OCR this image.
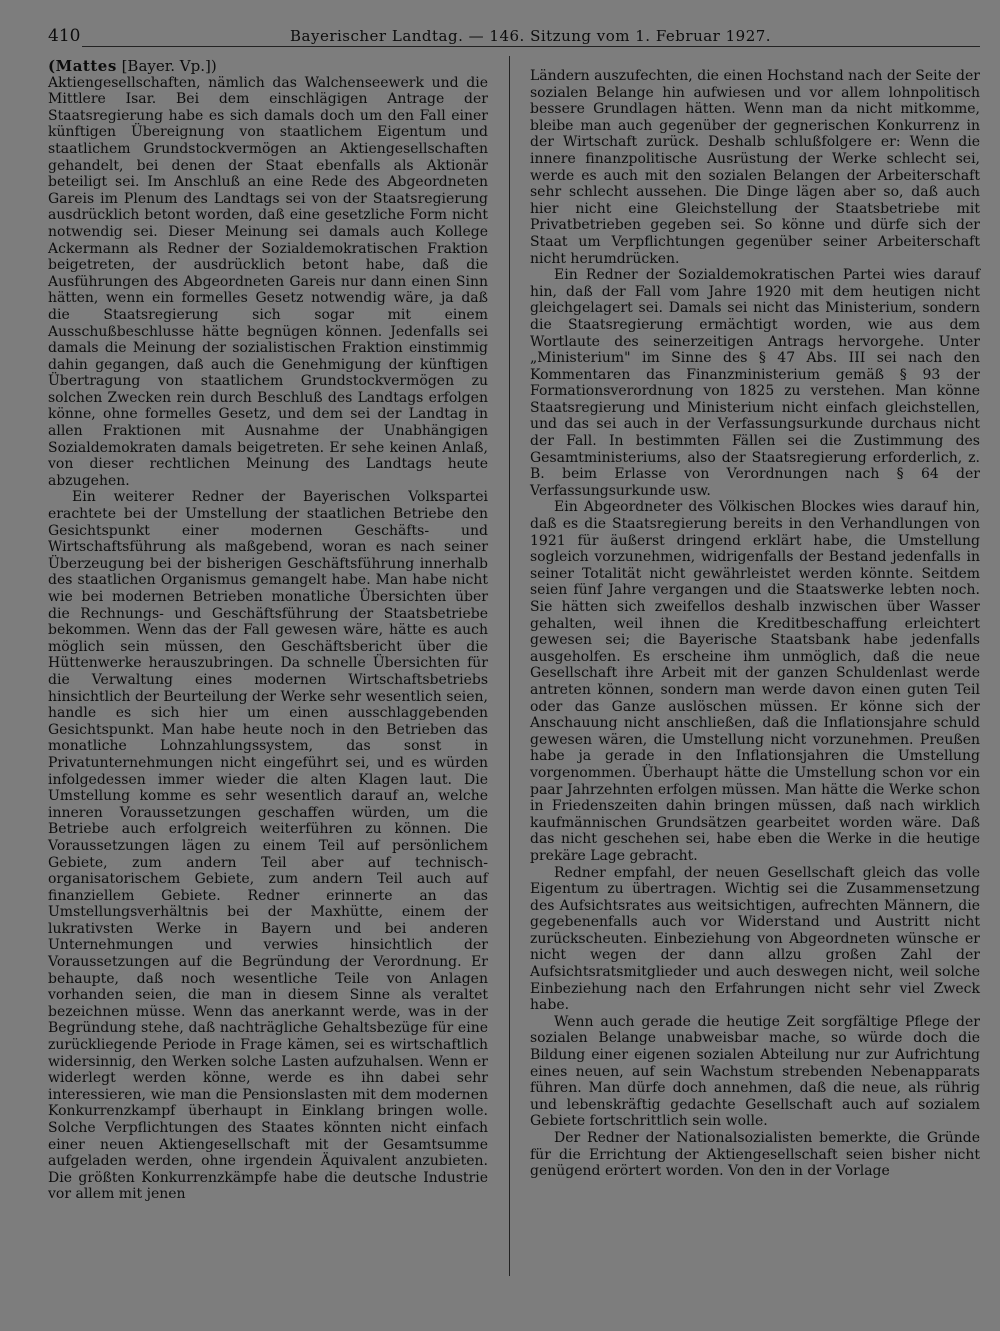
410	Bayerischer Landtag. — 146. Sitzung vom 1. Februar 1927.

(Mattes [Bayer. Vp.])

Aktiengesellschaften, nämlich das Walchenseewerk und die Mittlere Isar. Bei dem einschlägigen Antrage der Staatsregierung habe es sich damals doch um den Fall einer künftigen Übereignung von staatlichem Eigentum und staatlichem Grundstockvermögen an Aktiengesellschaften gehandelt, bei denen der Staat ebenfalls als Aktionär beteiligt sei. Im Anschluß an eine Rede des Abgeordneten Gareis im Plenum des Landtags sei von der Staatsregierung ausdrücklich betont worden, daß eine gesetzliche Form nicht notwendig sei. Dieser Meinung sei damals auch Kollege Ackermann als Redner der Sozialdemokratischen Fraktion beigetreten, der ausdrücklich betont habe, daß die Ausführungen des Abgeordneten Gareis nur dann einen Sinn hätten, wenn ein formelles Gesetz notwendig wäre, ja daß die Staatsregierung sich sogar mit einem Ausschußbeschlusse hätte begnügen können. Jedenfalls sei damals die Meinung der sozialistischen Fraktion einstimmig dahin gegangen, daß auch die Genehmigung der künftigen Übertragung von staatlichem Grundstockvermögen zu solchen Zwecken rein durch Beschluß des Landtags erfolgen könne, ohne formelles Gesetz, und dem sei der Landtag in allen Fraktionen mit Ausnahme der Unabhängigen Sozialdemokraten damals beigetreten. Er sehe keinen Anlaß, von dieser rechtlichen Meinung des Landtags heute abzugehen.

Ein weiterer Redner der Bayerischen Volkspartei erachtete bei der Umstellung der staatlichen Betriebe den Gesichtspunkt einer modernen Geschäfts- und Wirtschaftsführung als maßgebend, woran es nach seiner Überzeugung bei der bisherigen Geschäftsführung innerhalb des staatlichen Organismus gemangelt habe. Man habe nicht wie bei modernen Betrieben monatliche Übersichten über die Rechnungs- und Geschäftsführung der Staatsbetriebe bekommen. Wenn das der Fall gewesen wäre, hätte es auch möglich sein müssen, den Geschäftsbericht über die Hüttenwerke herauszubringen. Da schnelle Übersichten für die Verwaltung eines modernen Wirtschaftsbetriebs hinsichtlich der Beurteilung der Werke sehr wesentlich seien, handle es sich hier um einen ausschlaggebenden Gesichtspunkt. Man habe heute noch in den Betrieben das monatliche Lohnzahlungssystem, das sonst in Privatunternehmungen nicht eingeführt sei, und es würden infolgedessen immer wieder die alten Klagen laut. Die Umstellung komme es sehr wesentlich darauf an, welche inneren Voraussetzungen geschaffen würden, um die Betriebe auch erfolgreich weiterführen zu können. Die Voraussetzungen lägen zu einem Teil auf persönlichem Gebiete, zum andern Teil aber auf technisch-organisatorischem Gebiete, zum andern Teil auch auf finanziellem Gebiete. Redner erinnerte an das Umstellungsverhältnis bei der Maxhütte, einem der lukrativsten Werke in Bayern und bei anderen Unternehmungen und verwies hinsichtlich der Voraussetzungen auf die Begründung der Verordnung. Er behaupte, daß noch wesentliche Teile von Anlagen vorhanden seien, die man in diesem Sinne als veraltet bezeichnen müsse. Wenn das anerkannt werde, was in der Begründung stehe, daß nachträgliche Gehaltsbezüge für eine zurückliegende Periode in Frage kämen, sei es wirtschaftlich widersinnig, den Werken solche Lasten aufzuhalsen. Wenn er widerlegt werden könne, werde es ihn dabei sehr interessieren, wie man die Pensionslasten mit dem modernen Konkurrenzkampf überhaupt in Einklang bringen wolle. Solche Verpflichtungen des Staates könnten nicht einfach einer neuen Aktiengesellschaft mit der Gesamtsumme aufgeladen werden, ohne irgendein Äquivalent anzubieten. Die größten Konkurrenzkämpfe habe die deutsche Industrie vor allem mit jenen

Ländern auszufechten, die einen Hochstand nach der Seite der sozialen Belange hin aufwiesen und vor allem lohnpolitisch bessere Grundlagen hätten. Wenn man da nicht mitkomme, bleibe man auch gegenüber der gegnerischen Konkurrenz in der Wirtschaft zurück. Deshalb schlußfolgere er: Wenn die innere finanzpolitische Ausrüstung der Werke schlecht sei, werde es auch mit den sozialen Belangen der Arbeiterschaft sehr schlecht aussehen. Die Dinge lägen aber so, daß auch hier nicht eine Gleichstellung der Staatsbetriebe mit Privatbetrieben gegeben sei. So könne und dürfe sich der Staat um Verpflichtungen gegenüber seiner Arbeiterschaft nicht herumdrücken.

Ein Redner der Sozialdemokratischen Partei wies darauf hin, daß der Fall vom Jahre 1920 mit dem heutigen nicht gleichgelagert sei. Damals sei nicht das Ministerium, sondern die Staatsregierung ermächtigt worden, wie aus dem Wortlaute des seinerzeitigen Antrags hervorgehe. Unter „Ministerium" im Sinne des § 47 Abs. III sei nach den Kommentaren das Finanzministerium gemäß § 93 der Formationsverordnung von 1825 zu verstehen. Man könne Staatsregierung und Ministerium nicht einfach gleichstellen, und das sei auch in der Verfassungsurkunde durchaus nicht der Fall. In bestimmten Fällen sei die Zustimmung des Gesamtministeriums, also der Staatsregierung erforderlich, z. B. beim Erlasse von Verordnungen nach § 64 der Verfassungsurkunde usw.

Ein Abgeordneter des Völkischen Blockes wies darauf hin, daß es die Staatsregierung bereits in den Verhandlungen von 1921 für äußerst dringend erklärt habe, die Umstellung sogleich vorzunehmen, widrigenfalls der Bestand jedenfalls in seiner Totalität nicht gewährleistet werden könnte. Seitdem seien fünf Jahre vergangen und die Staatswerke lebten noch. Sie hätten sich zweifellos deshalb inzwischen über Wasser gehalten, weil ihnen die Kreditbeschaffung erleichtert gewesen sei; die Bayerische Staatsbank habe jedenfalls ausgeholfen. Es erscheine ihm unmöglich, daß die neue Gesellschaft ihre Arbeit mit der ganzen Schuldenlast werde antreten können, sondern man werde davon einen guten Teil oder das Ganze auslöschen müssen. Er könne sich der Anschauung nicht anschließen, daß die Inflationsjahre schuld gewesen wären, die Umstellung nicht vorzunehmen. Preußen habe ja gerade in den Inflationsjahren die Umstellung vorgenommen. Überhaupt hätte die Umstellung schon vor ein paar Jahrzehnten erfolgen müssen. Man hätte die Werke schon in Friedenszeiten dahin bringen müssen, daß nach wirklich kaufmännischen Grundsätzen gearbeitet worden wäre. Daß das nicht geschehen sei, habe eben die Werke in die heutige prekäre Lage gebracht.

Redner empfahl, der neuen Gesellschaft gleich das volle Eigentum zu übertragen. Wichtig sei die Zusammensetzung des Aufsichtsrates aus weitsichtigen, aufrechten Männern, die gegebenenfalls auch vor Widerstand und Austritt nicht zurückscheuten. Einbeziehung von Abgeordneten wünsche er nicht wegen der dann allzu großen Zahl der Aufsichtsratsmitglieder und auch deswegen nicht, weil solche Einbeziehung nach den Erfahrungen nicht sehr viel Zweck habe.

Wenn auch gerade die heutige Zeit sorgfältige Pflege der sozialen Belange unabweisbar mache, so würde doch die Bildung einer eigenen sozialen Abteilung nur zur Aufrichtung eines neuen, auf sein Wachstum strebenden Nebenapparats führen. Man dürfe doch annehmen, daß die neue, als rührig und lebenskräftig gedachte Gesellschaft auch auf sozialem Gebiete fortschrittlich sein wolle.

Der Redner der Nationalsozialisten bemerkte, die Gründe für die Errichtung der Aktiengesellschaft seien bisher nicht genügend erörtert worden. Von den in der Vorlage
